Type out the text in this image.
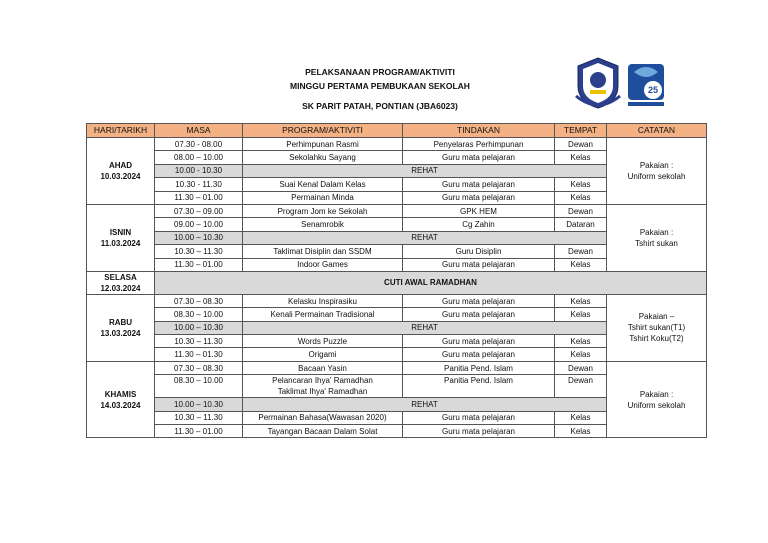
PELAKSANAAN PROGRAM/AKTIVITI
MINGGU PERTAMA PEMBUKAAN SEKOLAH
SK PARIT PATAH, PONTIAN (JBA6023)
25
HARI/TARIKH	MASA	PROGRAM/AKTIVITI	TINDAKAN	TEMPAT	CATATAN
AHAD
10.03.2024	07.30 - 08.00	Perhimpunan Rasmi	Penyelaras Perhimpunan	Dewan	Pakaian :
Uniform sekolah
	08.00 – 10.00	Sekolahku Sayang	Guru mata pelajaran	Kelas	
	10.00 - 10.30	REHAT			
	10.30 - 11.30	Suai Kenal Dalam Kelas	Guru mata pelajaran	Kelas	
	11.30 – 01.00	Permainan Minda	Guru mata pelajaran	Kelas	
ISNIN
11.03.2024	07.30 – 09.00	Program Jom ke Sekolah	GPK HEM	Dewan	Pakaian :
Tshirt sukan
	09.00 – 10.00	Senamrobik	Cg Zahin	Dataran	
	10.00 – 10.30	REHAT			
	10.30 – 11.30	Taklimat Disiplin dan SSDM	Guru Disiplin	Dewan	
	11.30 – 01.00	Indoor Games	Guru mata pelajaran	Kelas	
SELASA
12.03.2024	CUTI AWAL RAMADHAN				
RABU
13.03.2024	07.30 – 08.30	Kelasku Inspirasiku	Guru mata pelajaran	Kelas	Pakaian –
Tshirt sukan(T1)
Tshirt Koku(T2)
	08.30 – 10.00	Kenali Permainan Tradisional	Guru mata pelajaran	Kelas	
	10.00 – 10.30	REHAT			
	10.30 – 11.30	Words Puzzle	Guru mata pelajaran	Kelas	
	11.30 – 01.30	Origami	Guru mata pelajaran	Kelas	
KHAMIS
14.03.2024	07.30 – 08.30	Bacaan Yasin	Panitia Pend. Islam	Dewan	Pakaian :
Uniform sekolah
	08.30 – 10.00	Pelancaran Ihya' Ramadhan
Taklimat Ihya' Ramadhan	Panitia Pend. Islam	Dewan	
	10.00 – 10.30	REHAT			
	10.30 – 11.30	Permainan Bahasa(Wawasan 2020)	Guru mata pelajaran	Kelas	
	11.30 – 01.00	Tayangan Bacaan Dalam Solat	Guru mata pelajaran	Kelas	
